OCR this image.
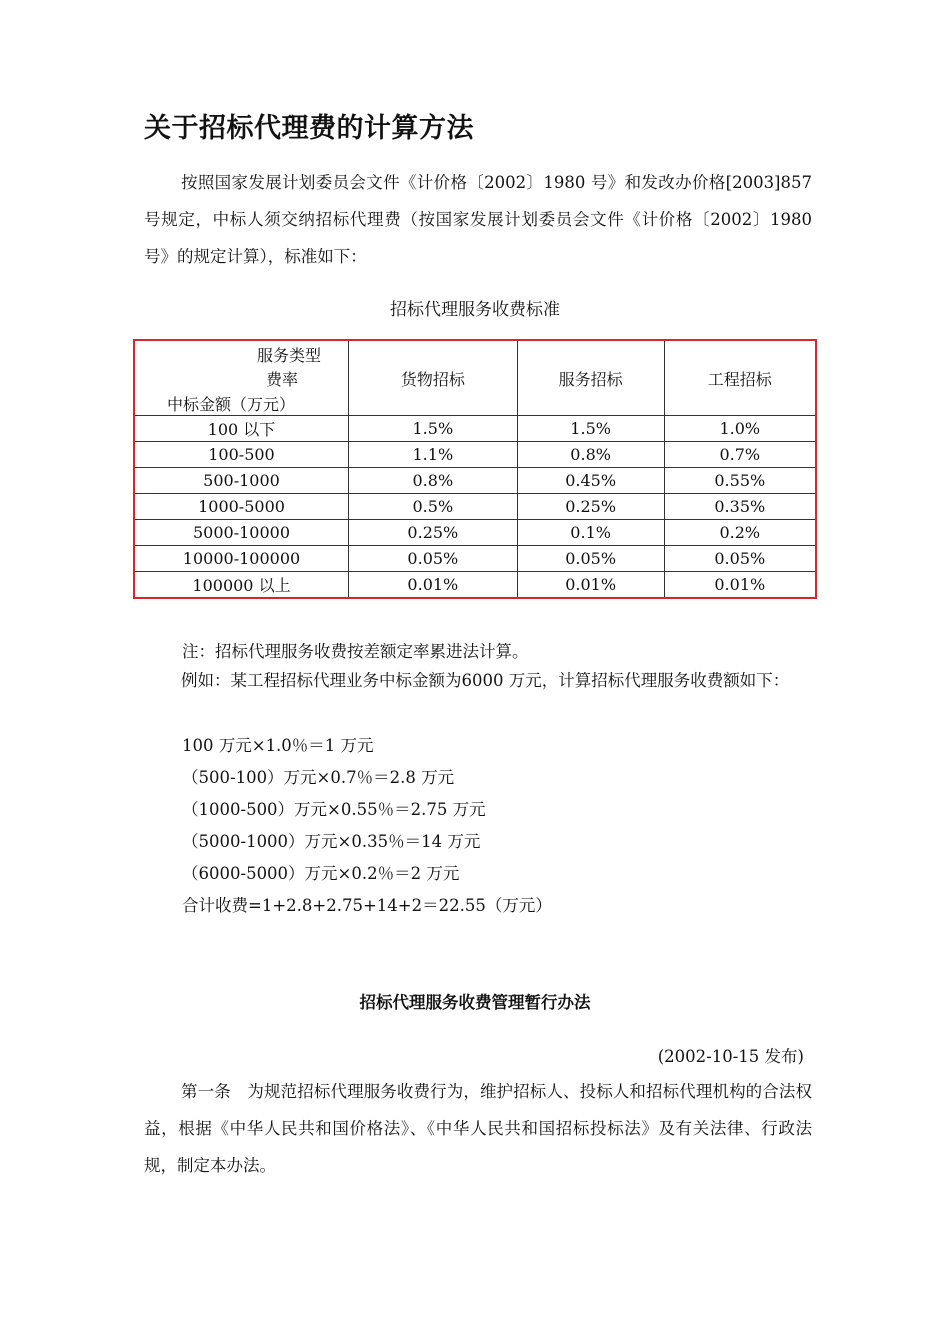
关于招标代理费的计算方法

按照国家发展计划委员会文件《计价格〔2002〕1980 号》和发改办价格[2003]857号规定，中标人须交纳招标代理费（按国家发展计划委员会文件《计价格〔2002〕1980 号》的规定计算），标准如下：

招标代理服务收费标准

服务类型
费率
中标金额（万元）	货物招标	服务招标	工程招标
100 以下	1.5%	1.5%	1.0%
100-500	1.1%	0.8%	0.7%
500-1000	0.8%	0.45%	0.55%
1000-5000	0.5%	0.25%	0.35%
5000-10000	0.25%	0.1%	0.2%
10000-100000	0.05%	0.05%	0.05%
100000 以上	0.01%	0.01%	0.01%

注：招标代理服务收费按差额定率累进法计算。

例如：某工程招标代理业务中标金额为6000 万元，计算招标代理服务收费额如下：

100 万元×1.0％＝1 万元

（500-100）万元×0.7％＝2.8 万元

（1000-500）万元×0.55％＝2.75 万元

（5000-1000）万元×0.35％＝14 万元

（6000-5000）万元×0.2％＝2 万元

合计收费=1+2.8+2.75+14+2＝22.55（万元）

招标代理服务收费管理暂行办法

(2002-10-15 发布)

第一条　为规范招标代理服务收费行为，维护招标人、投标人和招标代理机构的合法权益，根据《中华人民共和国价格法》、《中华人民共和国招标投标法》及有关法律、行政法规，制定本办法。
